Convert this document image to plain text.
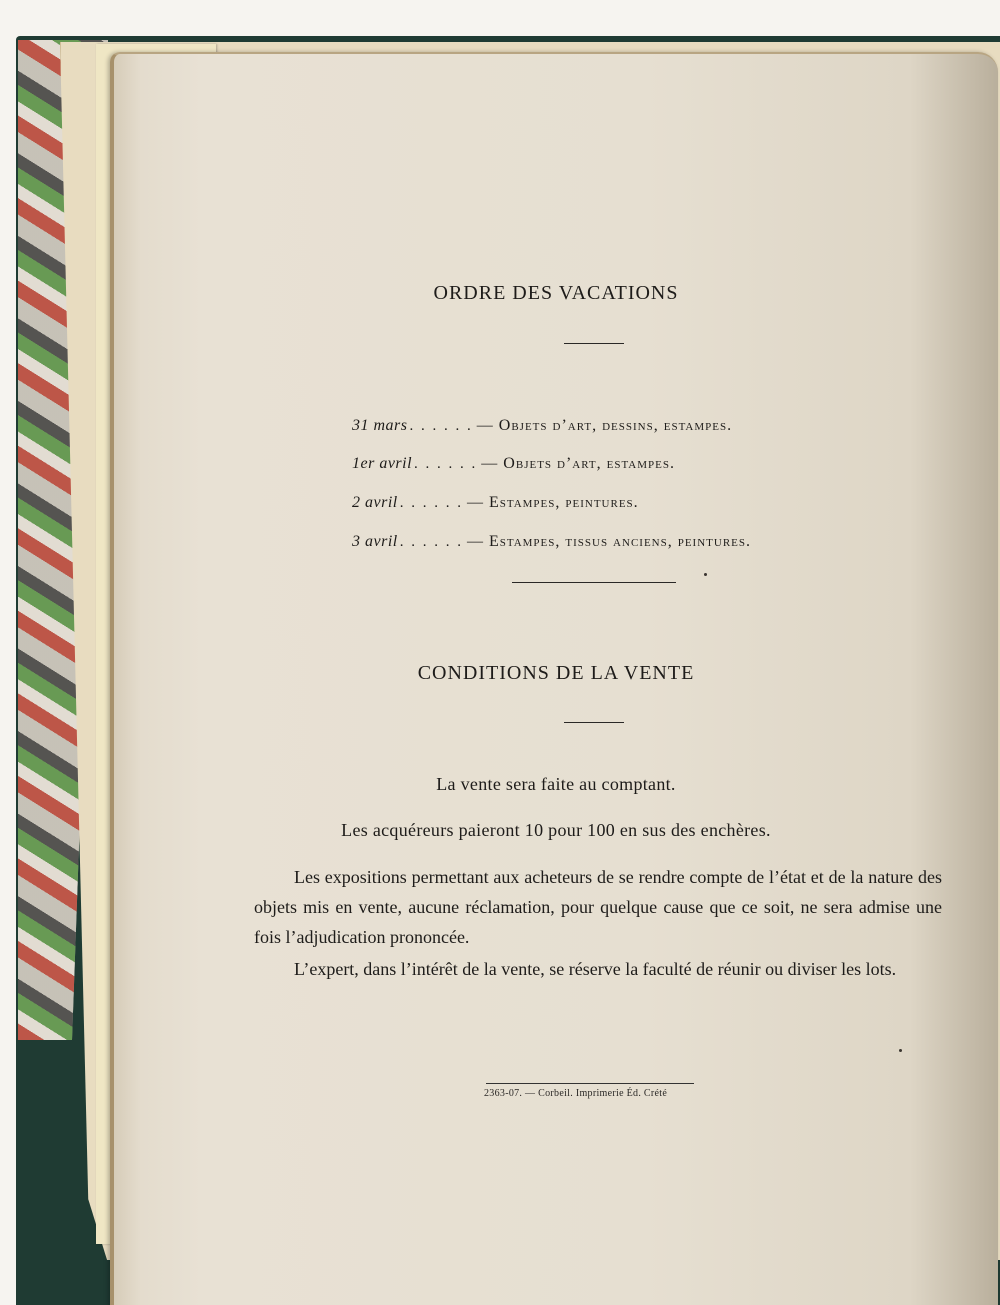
ORDRE DES VACATIONS
31 mars . . . . . . — Objets d’art, dessins, estampes.
1er avril . . . . . . — Objets d’art, estampes.
2 avril . . . . . . — Estampes, peintures.
3 avril . . . . . . — Estampes, tissus anciens, peintures.
CONDITIONS DE LA VENTE
La vente sera faite au comptant.
Les acquéreurs paieront 10 pour 100 en sus des enchères.
Les expositions permettant aux acheteurs de se rendre compte de l’état et de la nature des objets mis en vente, aucune réclamation, pour quelque cause que ce soit, ne sera admise une fois l’adjudication prononcée.
L’expert, dans l’intérêt de la vente, se réserve la faculté de réunir ou diviser les lots.
2363-07. — Corbeil. Imprimerie Éd. Crété
